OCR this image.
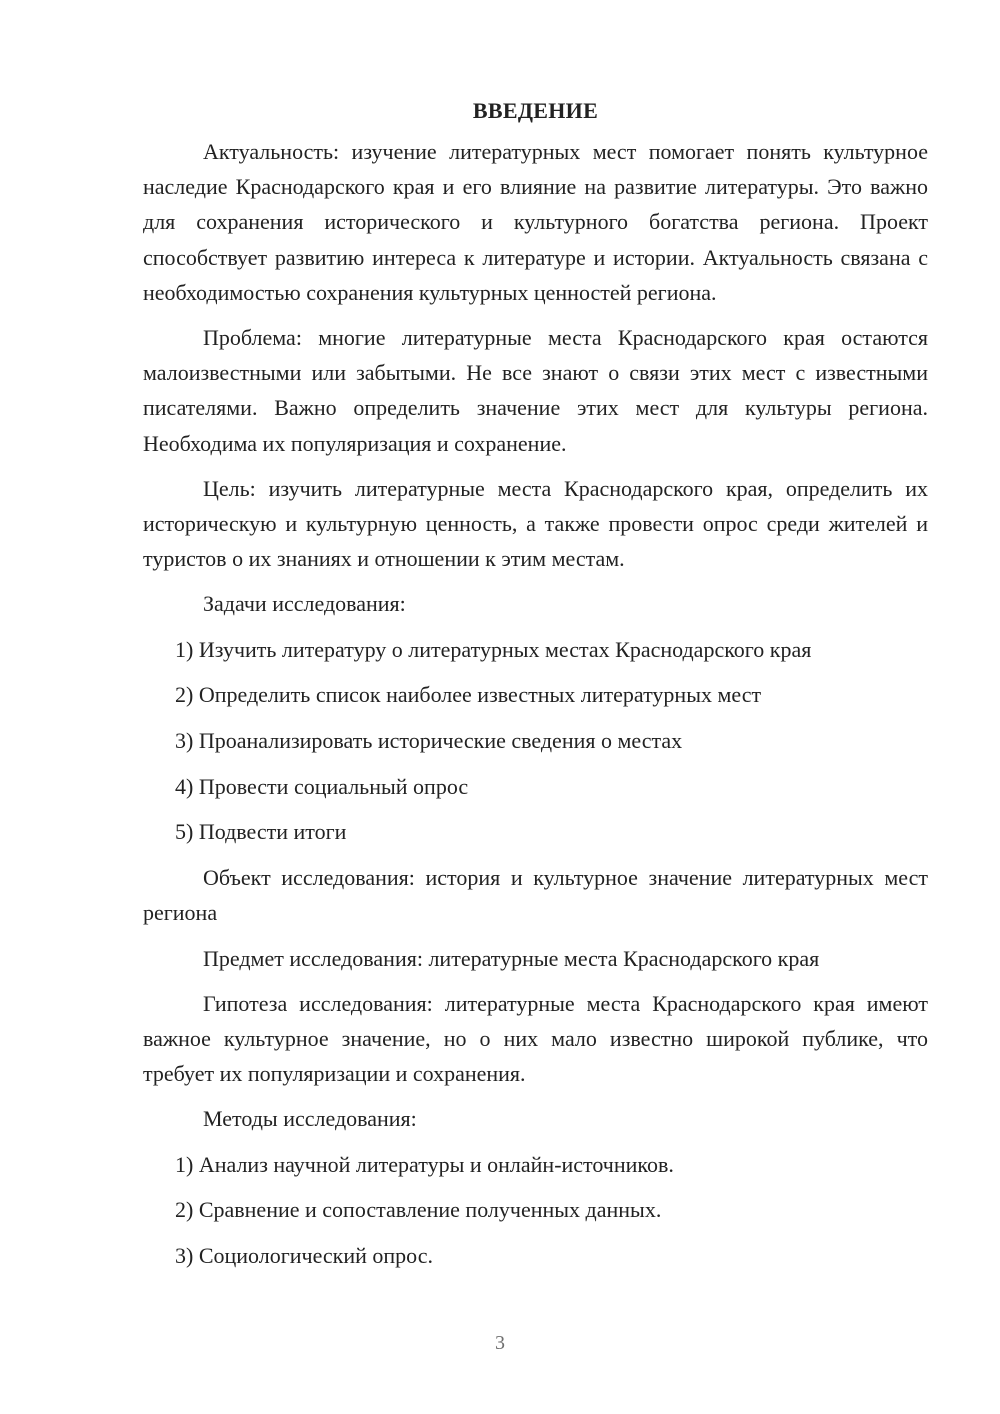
ВВЕДЕНИЕ

Актуальность: изучение литературных мест помогает понять культурное наследие Краснодарского края и его влияние на развитие литературы. Это важно для сохранения исторического и культурного богатства региона. Проект способствует развитию интереса к литературе и истории. Актуальность связана с необходимостью сохранения культурных ценностей региона.

Проблема: многие литературные места Краснодарского края остаются малоизвестными или забытыми. Не все знают о связи этих мест с известными писателями. Важно определить значение этих мест для культуры региона. Необходима их популяризация и сохранение.

Цель: изучить литературные места Краснодарского края, определить их историческую и культурную ценность, а также провести опрос среди жителей и туристов о их знаниях и отношении к этим местам.

Задачи исследования:

1) Изучить литературу о литературных местах Краснодарского края
2) Определить список наиболее известных литературных мест
3) Проанализировать исторические сведения о местах
4) Провести социальный опрос
5) Подвести итоги

Объект исследования: история и культурное значение литературных мест региона

Предмет исследования: литературные места Краснодарского края

Гипотеза исследования: литературные места Краснодарского края имеют важное культурное значение, но о них мало известно широкой публике, что требует их популяризации и сохранения.

Методы исследования:

1) Анализ научной литературы и онлайн-источников.
2) Сравнение и сопоставление полученных данных.
3) Социологический опрос.
3
